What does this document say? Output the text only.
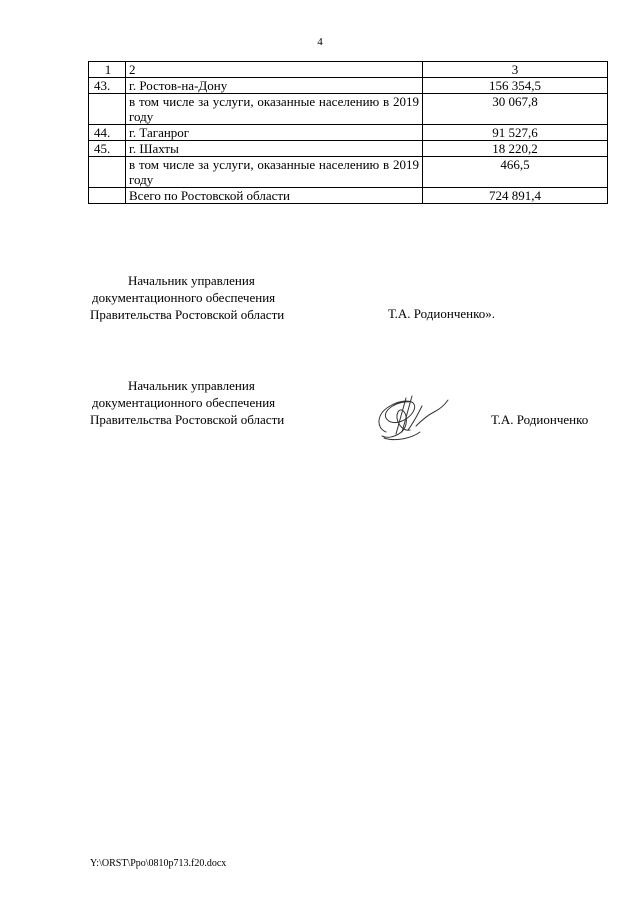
4
1	2	3
43.	г. Ростов-на-Дону	156 354,5
	в том числе за услуги, оказанные населению в 2019 году	30 067,8
44.	г. Таганрог	91 527,6
45.	г. Шахты	18 220,2
	в том числе за услуги, оказанные населению в 2019 году	466,5
	Всего по Ростовской области	724 891,4
Начальник управления
документационного обеспечения
Правительства Ростовской области	Т.А. Родионченко».
Начальник управления
документационного обеспечения
Правительства Ростовской области	Т.А. Родионченко
Y:\ORST\Ppo\0810p713.f20.docx
